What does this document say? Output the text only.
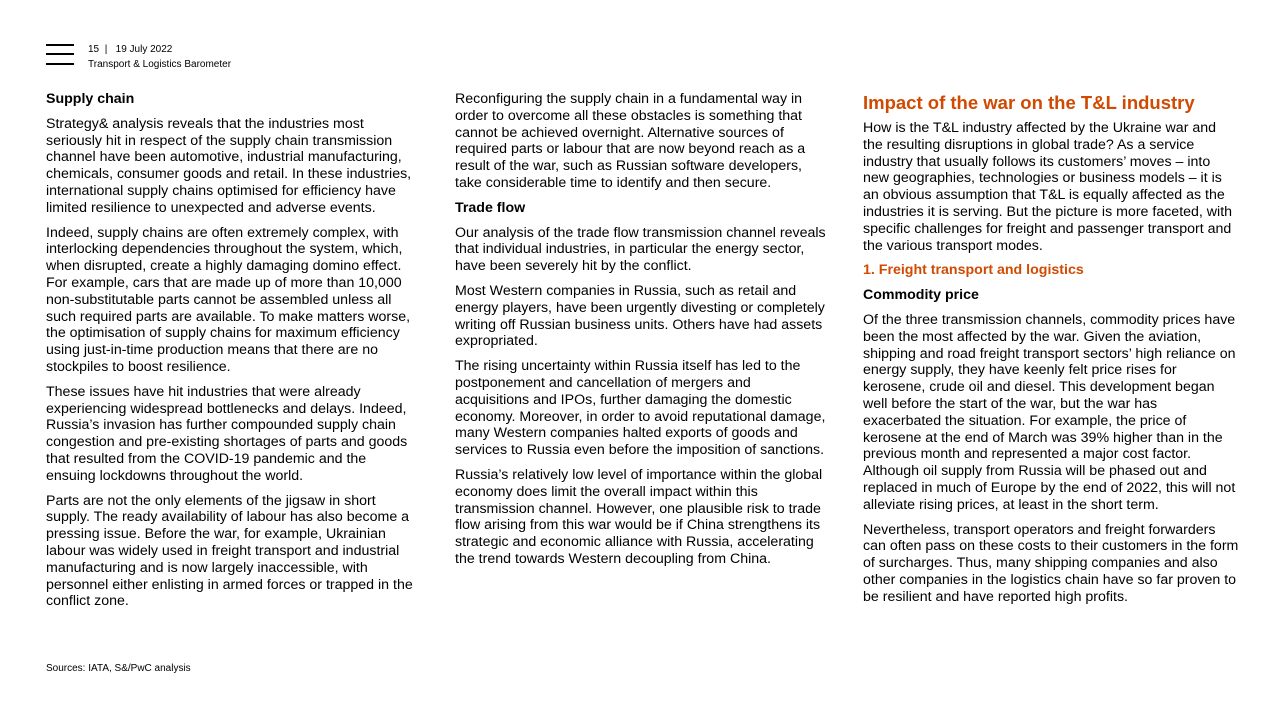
15 | 19 July 2022
Transport & Logistics Barometer

Supply chain

Strategy& analysis reveals that the industries most seriously hit in respect of the supply chain transmission channel have been automotive, industrial manufacturing, chemicals, consumer goods and retail. In these industries, international supply chains optimised for efficiency have limited resilience to unexpected and adverse events.

Indeed, supply chains are often extremely complex, with interlocking dependencies throughout the system, which, when disrupted, create a highly damaging domino effect. For example, cars that are made up of more than 10,000 non-substitutable parts cannot be assembled unless all such required parts are available. To make matters worse, the optimisation of supply chains for maximum efficiency using just-in-time production means that there are no stockpiles to boost resilience.

These issues have hit industries that were already experiencing widespread bottlenecks and delays. Indeed, Russia’s invasion has further compounded supply chain congestion and pre-existing shortages of parts and goods that resulted from the COVID-19 pandemic and the ensuing lockdowns throughout the world.

Parts are not the only elements of the jigsaw in short supply. The ready availability of labour has also become a pressing issue. Before the war, for example, Ukrainian labour was widely used in freight transport and industrial manufacturing and is now largely inaccessible, with personnel either enlisting in armed forces or trapped in the conflict zone.

Reconfiguring the supply chain in a fundamental way in order to overcome all these obstacles is something that cannot be achieved overnight. Alternative sources of required parts or labour that are now beyond reach as a result of the war, such as Russian software developers, take considerable time to identify and then secure.

Trade flow

Our analysis of the trade flow transmission channel reveals that individual industries, in particular the energy sector, have been severely hit by the conflict.

Most Western companies in Russia, such as retail and energy players, have been urgently divesting or completely writing off Russian business units. Others have had assets expropriated.

The rising uncertainty within Russia itself has led to the postponement and cancellation of mergers and acquisitions and IPOs, further damaging the domestic economy. Moreover, in order to avoid reputational damage, many Western companies halted exports of goods and services to Russia even before the imposition of sanctions.

Russia’s relatively low level of importance within the global economy does limit the overall impact within this transmission channel. However, one plausible risk to trade flow arising from this war would be if China strengthens its strategic and economic alliance with Russia, accelerating the trend towards Western decoupling from China.

Impact of the war on the T&L industry

How is the T&L industry affected by the Ukraine war and the resulting disruptions in global trade? As a service industry that usually follows its customers’ moves – into new geographies, technologies or business models – it is an obvious assumption that T&L is equally affected as the industries it is serving. But the picture is more faceted, with specific challenges for freight and passenger transport and the various transport modes.

1. Freight transport and logistics

Commodity price

Of the three transmission channels, commodity prices have been the most affected by the war. Given the aviation, shipping and road freight transport sectors’ high reliance on energy supply, they have keenly felt price rises for kerosene, crude oil and diesel. This development began well before the start of the war, but the war has exacerbated the situation. For example, the price of kerosene at the end of March was 39% higher than in the previous month and represented a major cost factor. Although oil supply from Russia will be phased out and replaced in much of Europe by the end of 2022, this will not alleviate rising prices, at least in the short term.

Nevertheless, transport operators and freight forwarders can often pass on these costs to their customers in the form of surcharges. Thus, many shipping companies and also other companies in the logistics chain have so far proven to be resilient and have reported high profits.

Sources: IATA, S&/PwC analysis
